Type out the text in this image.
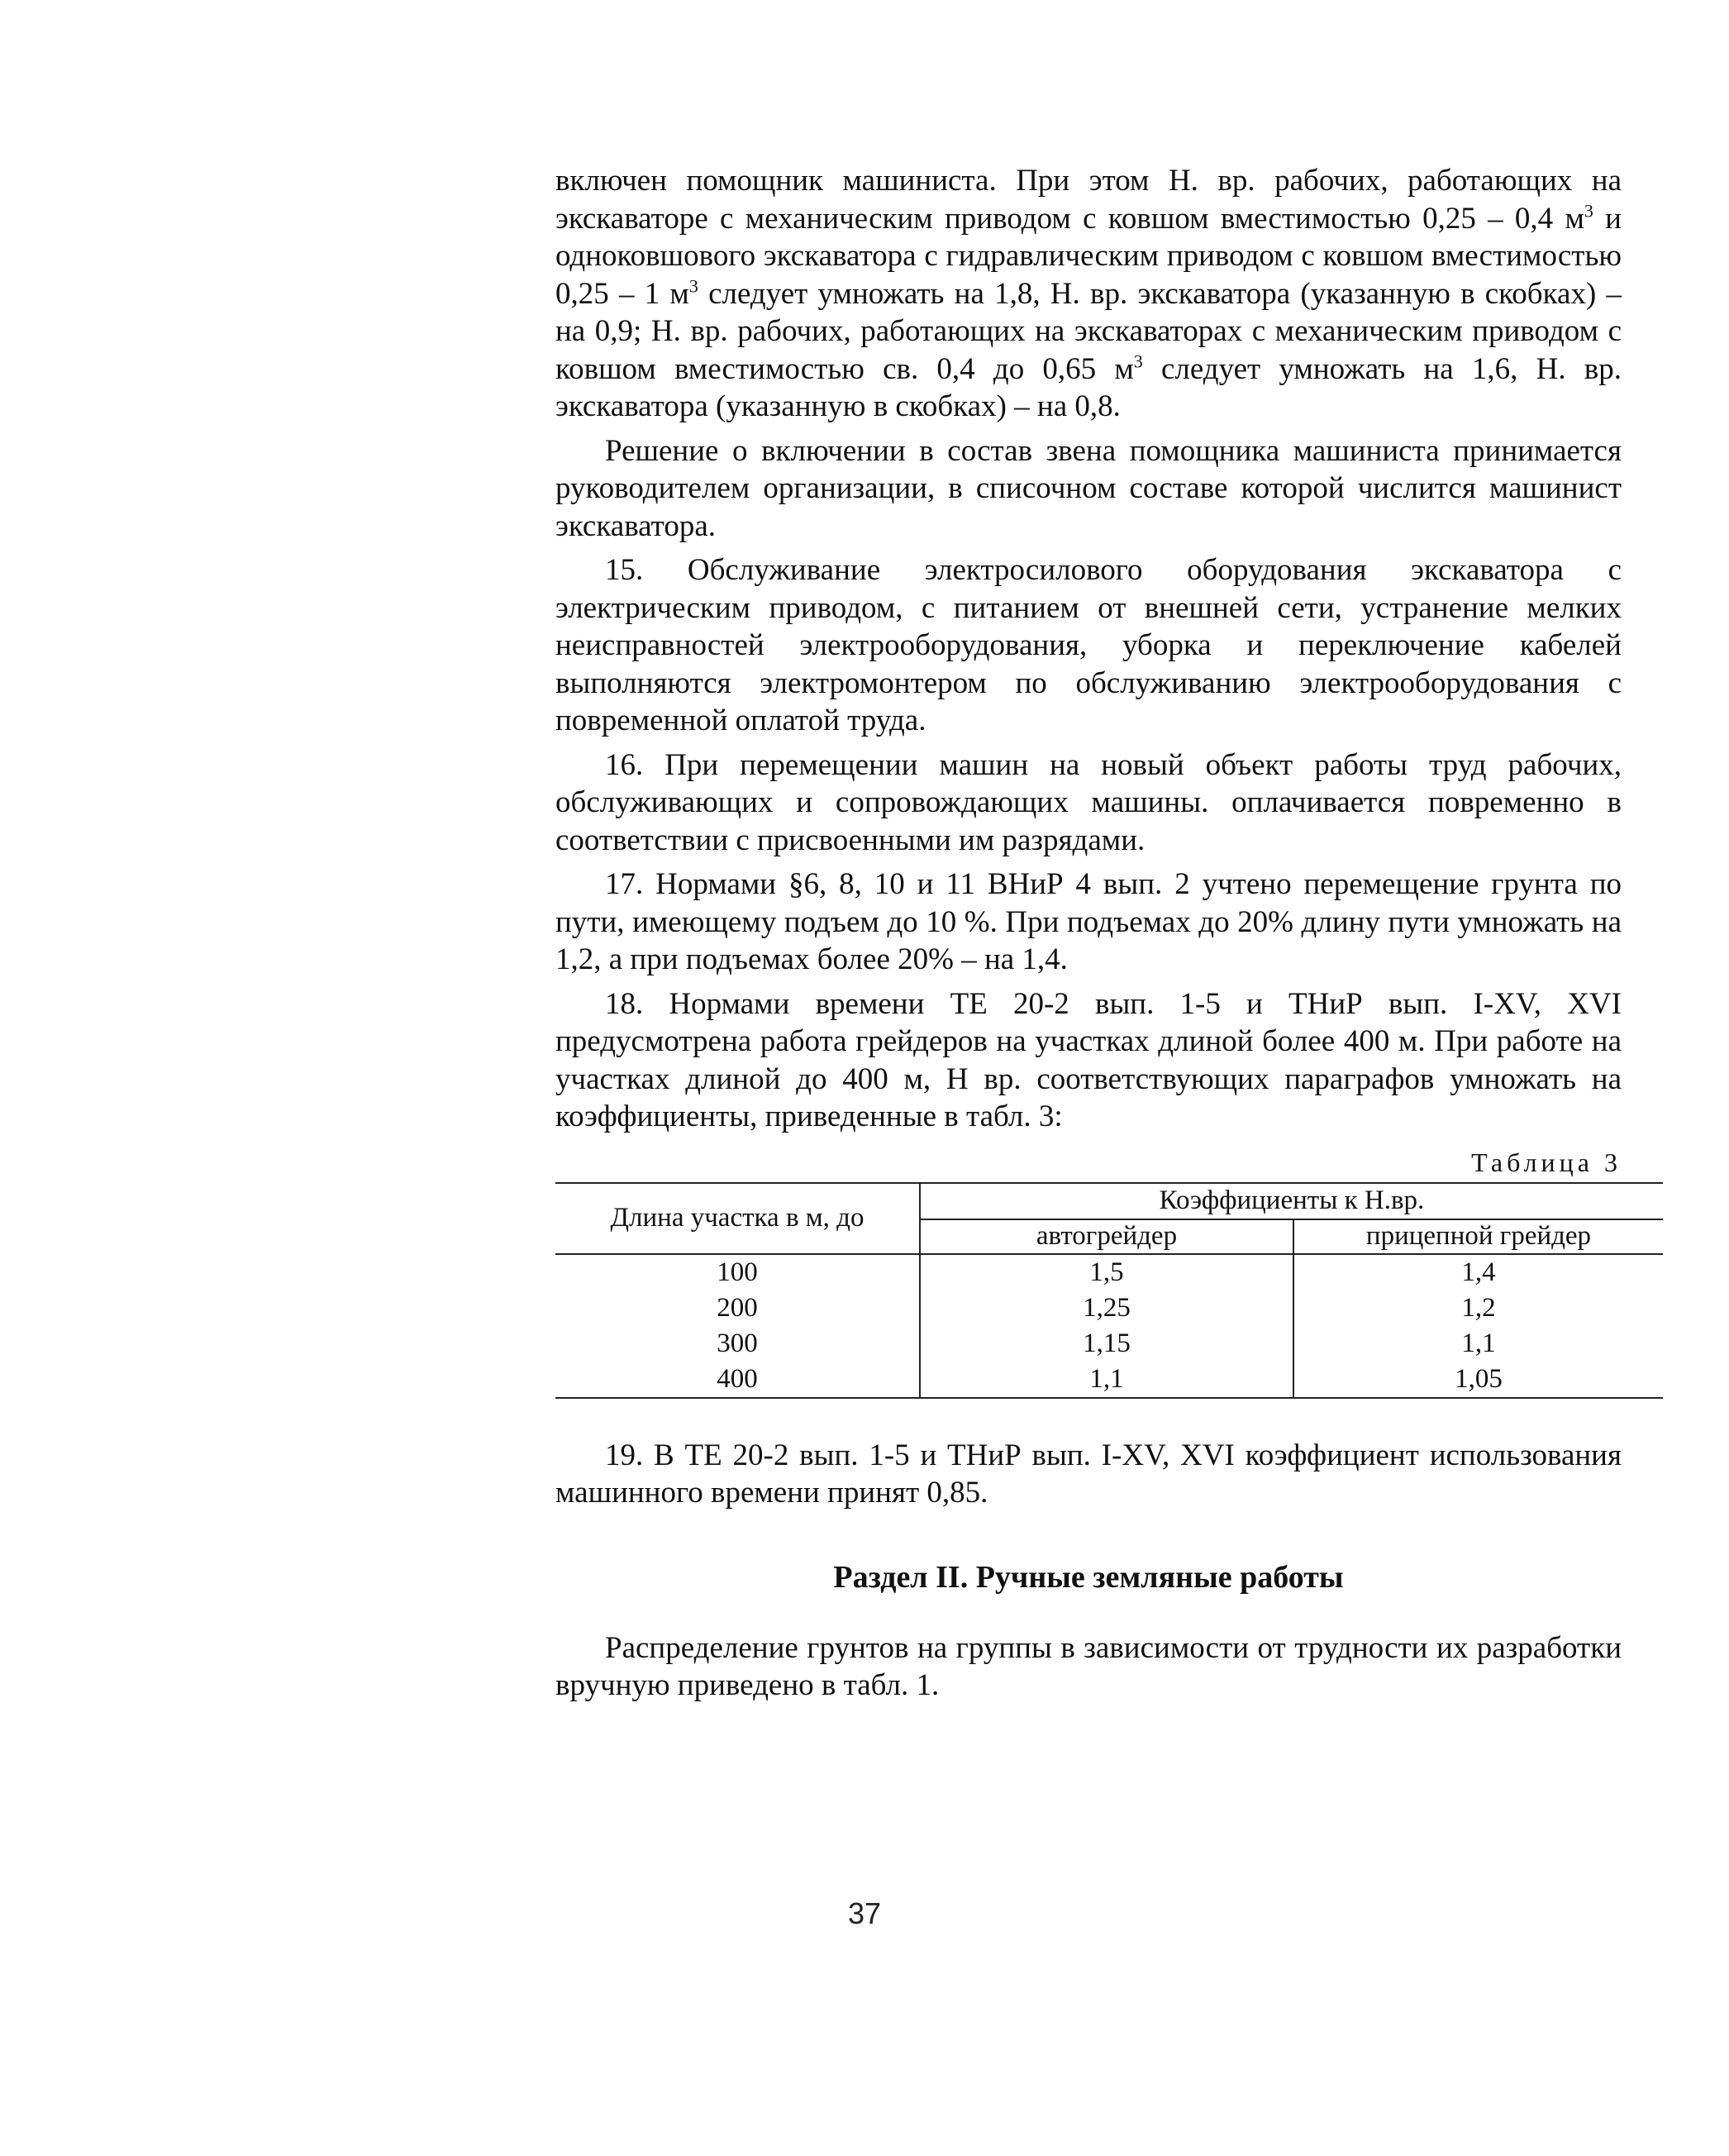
включен помощник машиниста. При этом Н. вр. рабочих, работающих на экскаваторе с механическим приводом с ковшом вместимостью 0,25 – 0,4 $м^3$ и одноковшового экскаватора с гидравлическим приводом с ковшом вместимостью 0,25 – 1 $м^3$ следует умножать на 1,8, Н. вр. экскаватора (указанную в скобках) – на 0,9; Н. вр. рабочих, работающих на экскаваторах с механическим приводом с ковшом вместимостью св. 0,4 до 0,65 $м^3$ следует умножать на 1,6, Н. вр. экскаватора (указанную в скобках) – на 0,8.

Решение о включении в состав звена помощника машиниста принимается руководителем организации, в списочном составе которой числится машинист экскаватора.

15. Обслуживание электросилового оборудования экскаватора с электрическим приводом, с питанием от внешней сети, устранение мелких неисправностей электрооборудования, уборка и переключение кабелей выполняются электромонтером по обслуживанию электрооборудования с повременной оплатой труда.

16. При перемещении машин на новый объект работы труд рабочих, обслуживающих и сопровождающих машины. оплачивается повременно в соответствии с присвоенными им разрядами.

17. Нормами §6, 8, 10 и 11 ВНиР 4 вып. 2 учтено перемещение грунта по пути, имеющему подъем до 10 %. При подъемах до 20% длину пути умножать на 1,2, а при подъемах более 20% – на 1,4.

18. Нормами времени ТЕ 20-2 вып. 1-5 и ТНиР вып. I-XV, XVI предусмотрена работа грейдеров на участках длиной более 400 м. При работе на участках длиной до 400 м, Н вр. соответствующих параграфов умножать на коэффициенты, приведенные в табл. 3:

Таблица 3
Длина участка в м, до	Коэффициенты к Н.вр.	
	автогрейдер	прицепной грейдер
100	1,5	1,4
200	1,25	1,2
300	1,15	1,1
400	1,1	1,05

19. В ТЕ 20-2 вып. 1-5 и ТНиР вып. I-XV, XVI коэффициент использования машинного времени принят 0,85.

Раздел II. Ручные земляные работы

Распределение грунтов на группы в зависимости от трудности их разработки вручную приведено в табл. 1.

37
